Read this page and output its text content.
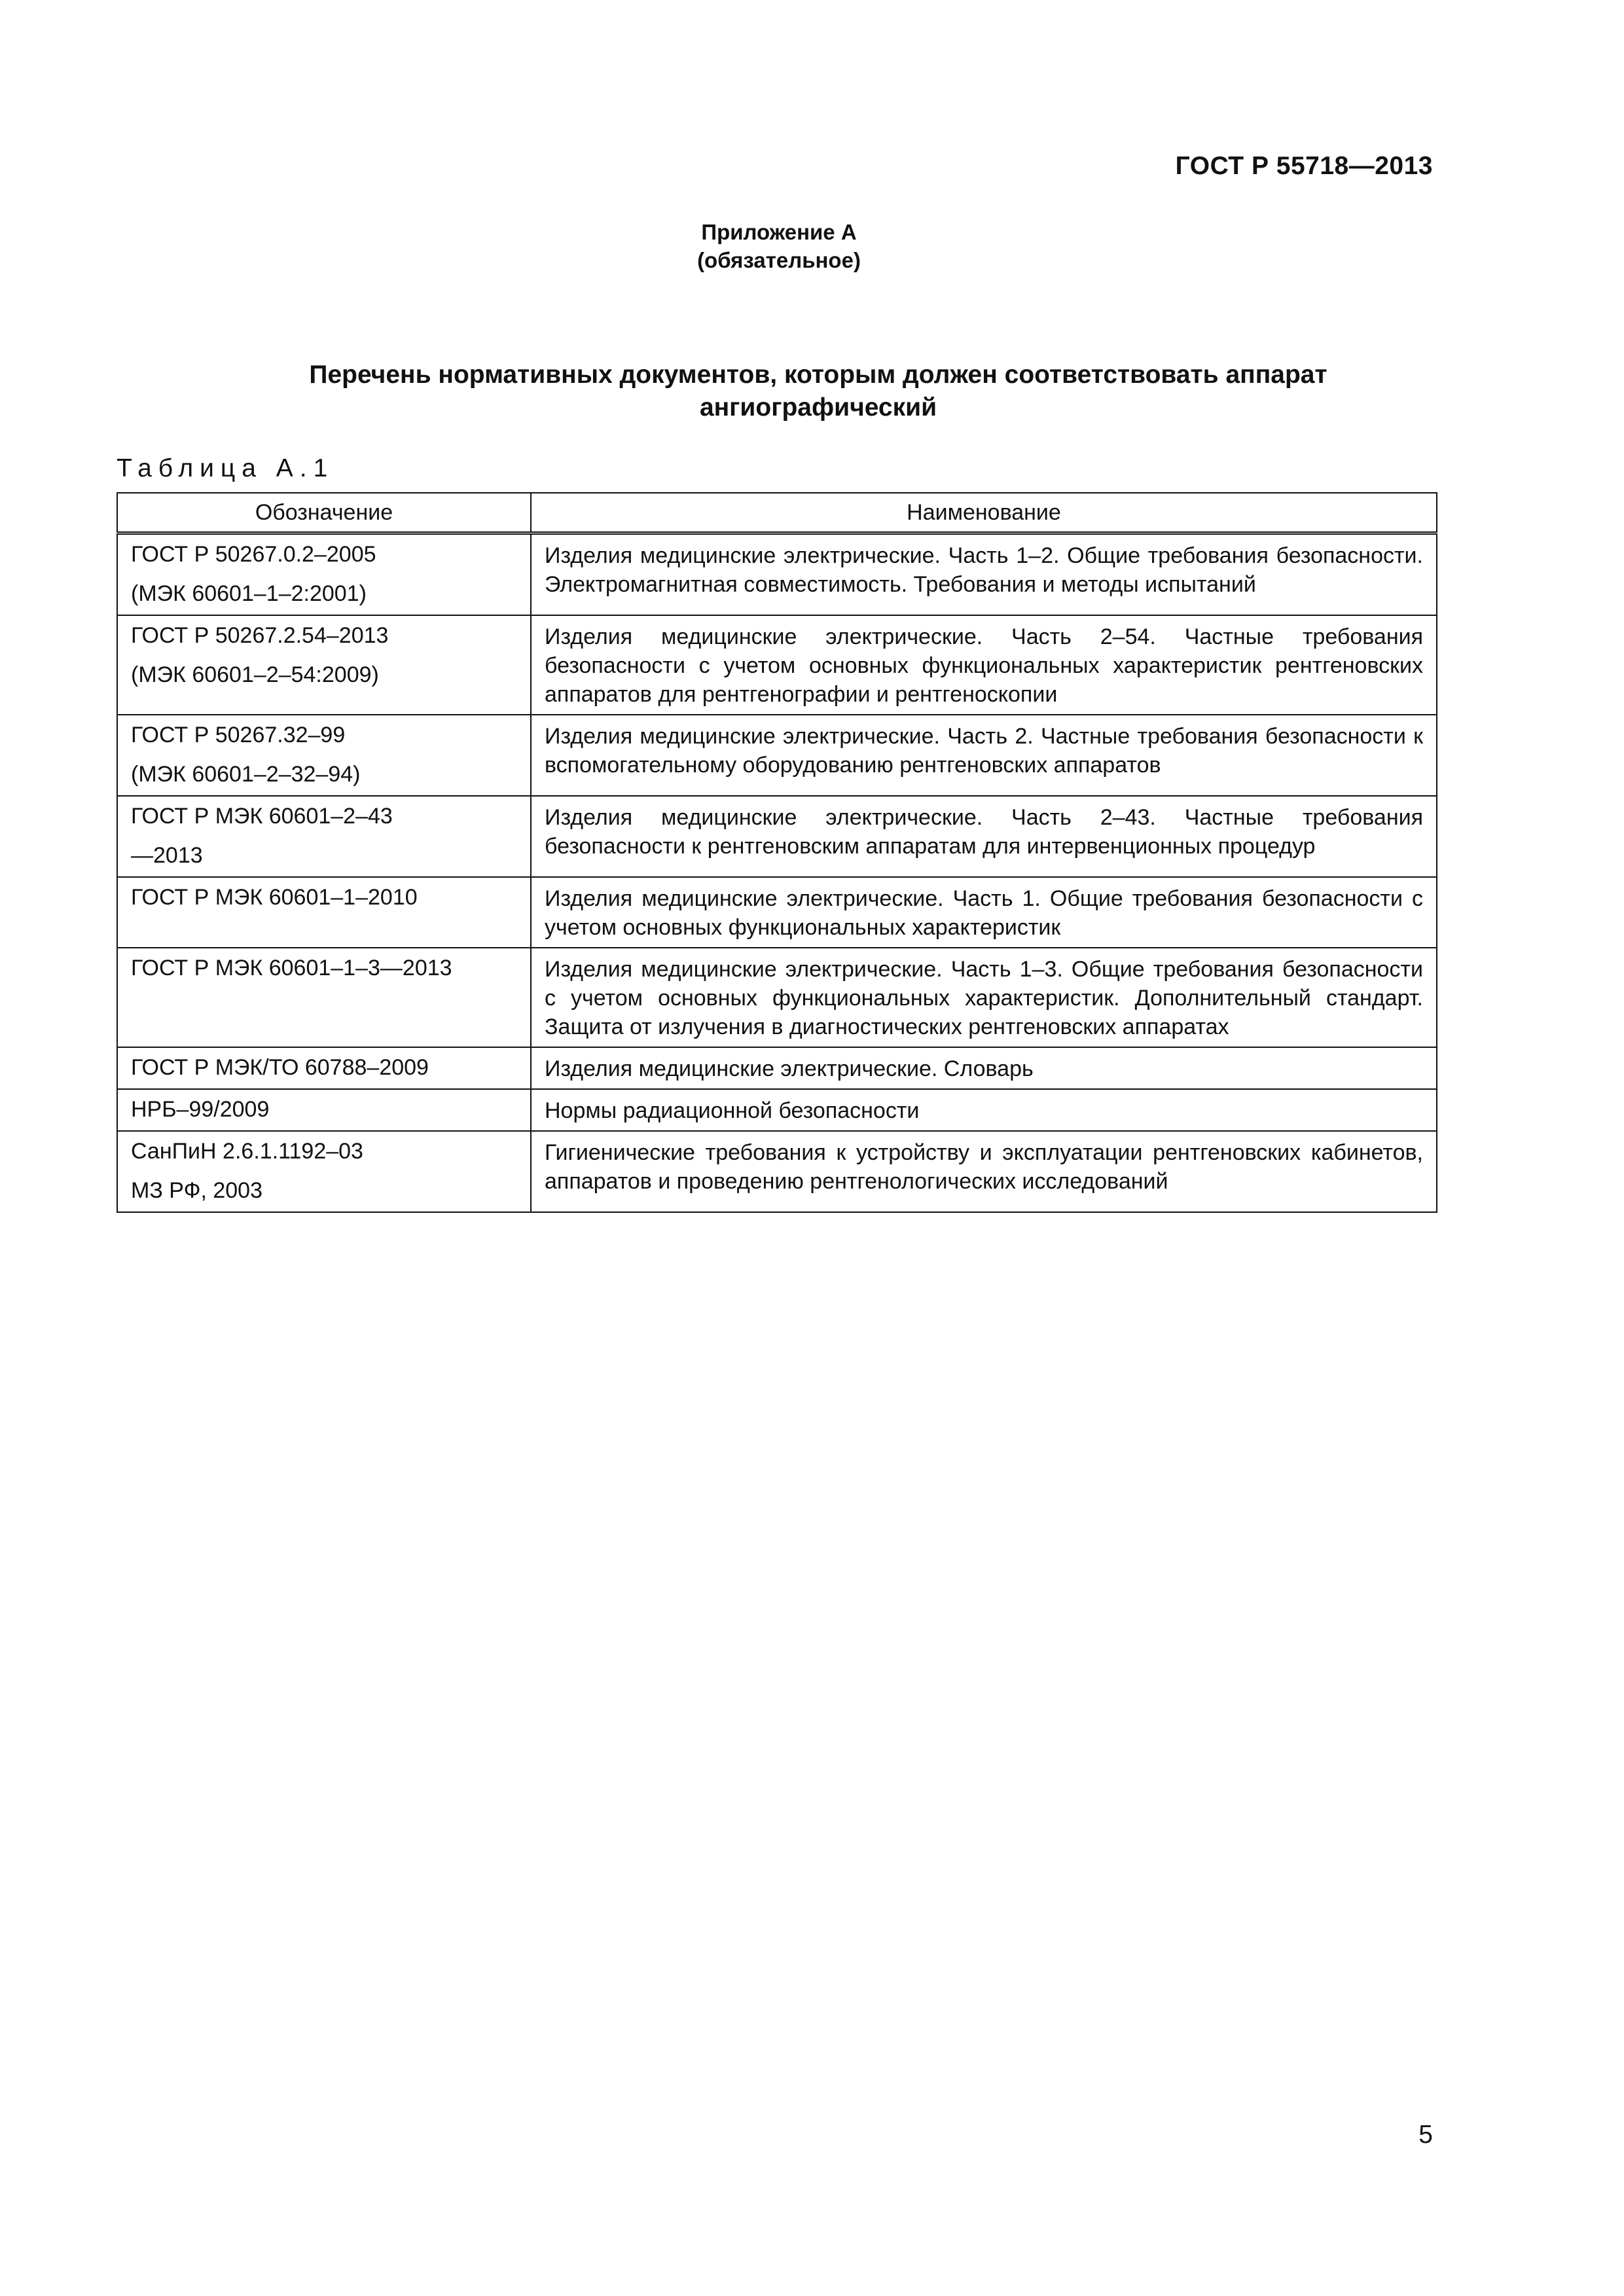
ГОСТ Р 55718—2013
Приложение А
(обязательное)
Перечень нормативных документов, которым должен соответствовать аппарат
ангиографический
Таблица А.1
Обозначение	Наименование

ГОСТ Р 50267.0.2–2005
(МЭК 60601–1–2:2001)	Изделия медицинские электрические. Часть 1–2. Общие требования безопасности. Электромагнитная совместимость. Требования и методы испытаний

ГОСТ Р 50267.2.54–2013
(МЭК 60601–2–54:2009)	Изделия медицинские электрические. Часть 2–54. Частные требования безопасности с учетом основных функциональных характеристик рентгеновских аппаратов для рентгенографии и рентгеноскопии

ГОСТ Р 50267.32–99
(МЭК 60601–2–32–94)	Изделия медицинские электрические. Часть 2. Частные требования безопасности к вспомогательному оборудованию рентгеновских аппаратов

ГОСТ Р МЭК 60601–2–43
—2013	Изделия медицинские электрические. Часть 2–43. Частные требования безопасности к рентгеновским аппаратам для интервенционных процедур

ГОСТ Р МЭК 60601–1–2010	Изделия медицинские электрические. Часть 1. Общие требования безопасности с учетом основных функциональных характеристик

ГОСТ Р МЭК 60601–1–3—2013	Изделия медицинские электрические. Часть 1–3. Общие требования безопасности с учетом основных функциональных характеристик. Дополнительный стандарт. Защита от излучения в диагностических рентгеновских аппаратах

ГОСТ Р МЭК/ТО 60788–2009	Изделия медицинские электрические. Словарь

НРБ–99/2009	Нормы радиационной безопасности

СанПиН 2.6.1.1192–03
МЗ РФ, 2003	Гигиенические требования к устройству и эксплуатации рентгеновских кабинетов, аппаратов и проведению рентгенологических исследований
5
